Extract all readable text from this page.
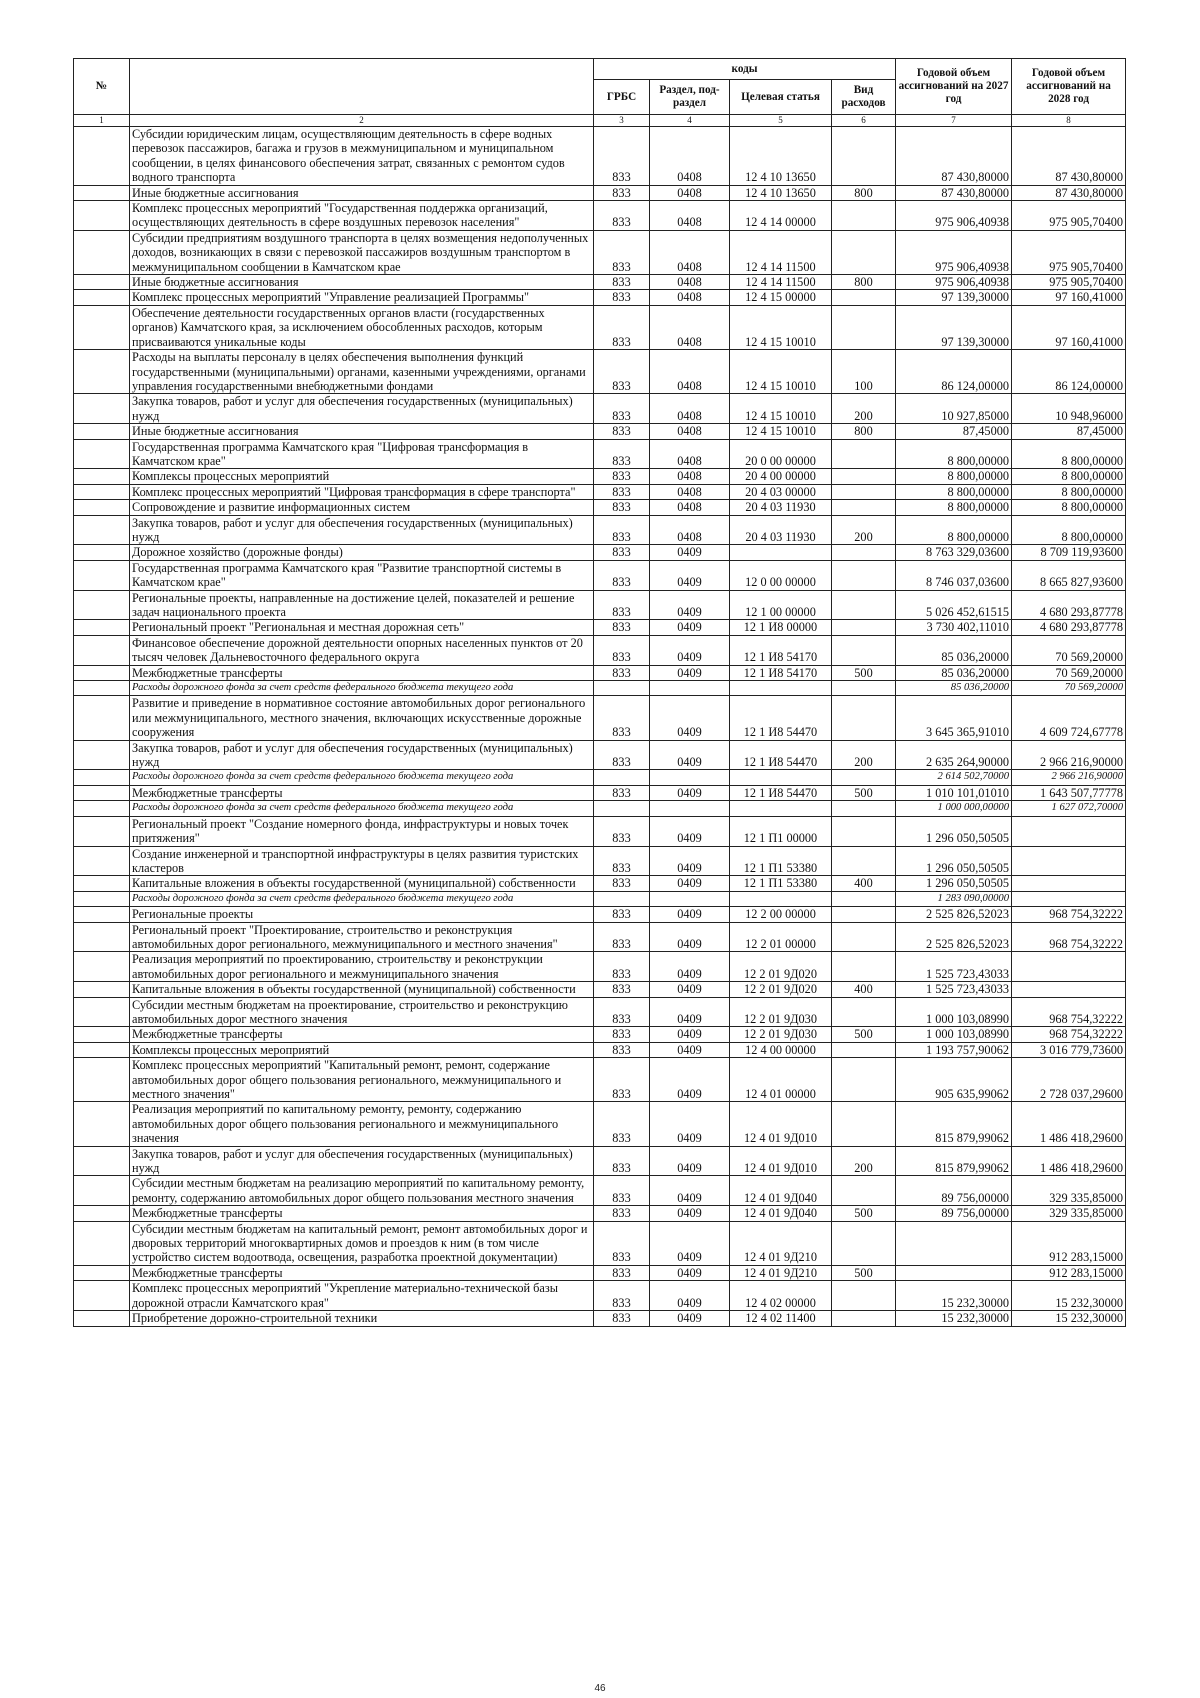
№		коды				Годовой объем ассигнований на 2027 год	Годовой объем ассигнований на 2028 год
		ГРБС	Раздел, под-раздел	Целевая статья	Вид расходов		
1	2	3	4	5	6	7	8
	Субсидии юридическим лицам, осуществляющим деятельность в сфере водных перевозок пассажиров, багажа и грузов в межмуниципальном и муниципальном сообщении, в целях финансового обеспечения затрат, связанных с ремонтом судов водного транспорта	833	0408	12 4 10 13650		87 430,80000	87 430,80000
	Иные бюджетные ассигнования	833	0408	12 4 10 13650	800	87 430,80000	87 430,80000
	Комплекс процессных мероприятий "Государственная поддержка организаций, осуществляющих деятельность в сфере воздушных перевозок населения"	833	0408	12 4 14 00000		975 906,40938	975 905,70400
	Субсидии предприятиям воздушного транспорта в целях возмещения недополученных доходов, возникающих в связи с перевозкой пассажиров воздушным транспортом в межмуниципальном сообщении в Камчатском крае	833	0408	12 4 14 11500		975 906,40938	975 905,70400
	Иные бюджетные ассигнования	833	0408	12 4 14 11500	800	975 906,40938	975 905,70400
	Комплекс процессных мероприятий "Управление реализацией Программы"	833	0408	12 4 15 00000		97 139,30000	97 160,41000
	Обеспечение деятельности государственных органов власти (государственных органов) Камчатского края, за исключением обособленных расходов, которым присваиваются уникальные коды	833	0408	12 4 15 10010		97 139,30000	97 160,41000
	Расходы на выплаты персоналу в целях обеспечения выполнения функций государственными (муниципальными) органами, казенными учреждениями, органами управления государственными внебюджетными фондами	833	0408	12 4 15 10010	100	86 124,00000	86 124,00000
	Закупка товаров, работ и услуг для обеспечения государственных (муниципальных) нужд	833	0408	12 4 15 10010	200	10 927,85000	10 948,96000
	Иные бюджетные ассигнования	833	0408	12 4 15 10010	800	87,45000	87,45000
	Государственная программа Камчатского края "Цифровая трансформация в Камчатском крае"	833	0408	20 0 00 00000		8 800,00000	8 800,00000
	Комплексы процессных мероприятий	833	0408	20 4 00 00000		8 800,00000	8 800,00000
	Комплекс процессных мероприятий "Цифровая трансформация в сфере транспорта"	833	0408	20 4 03 00000		8 800,00000	8 800,00000
	Сопровождение и развитие информационных систем	833	0408	20 4 03 11930		8 800,00000	8 800,00000
	Закупка товаров, работ и услуг для обеспечения государственных (муниципальных) нужд	833	0408	20 4 03 11930	200	8 800,00000	8 800,00000
	Дорожное хозяйство (дорожные фонды)	833	0409			8 763 329,03600	8 709 119,93600
	Государственная программа Камчатского края "Развитие транспортной системы в Камчатском крае"	833	0409	12 0 00 00000		8 746 037,03600	8 665 827,93600
	Региональные проекты, направленные на достижение целей, показателей и решение задач национального проекта	833	0409	12 1 00 00000		5 026 452,61515	4 680 293,87778
	Региональный проект "Региональная и местная дорожная сеть"	833	0409	12 1 И8 00000		3 730 402,11010	4 680 293,87778
	Финансовое обеспечение дорожной деятельности опорных населенных пунктов от 20 тысяч человек Дальневосточного федерального округа	833	0409	12 1 И8 54170		85 036,20000	70 569,20000
	Межбюджетные трансферты	833	0409	12 1 И8 54170	500	85 036,20000	70 569,20000
	Расходы дорожного фонда за счет средств федерального бюджета текущего года					85 036,20000	70 569,20000
	Развитие и приведение в нормативное состояние автомобильных дорог регионального или межмуниципального, местного значения, включающих искусственные дорожные сооружения	833	0409	12 1 И8 54470		3 645 365,91010	4 609 724,67778
	Закупка товаров, работ и услуг для обеспечения государственных (муниципальных) нужд	833	0409	12 1 И8 54470	200	2 635 264,90000	2 966 216,90000
	Расходы дорожного фонда за счет средств федерального бюджета текущего года					2 614 502,70000	2 966 216,90000
	Межбюджетные трансферты	833	0409	12 1 И8 54470	500	1 010 101,01010	1 643 507,77778
	Расходы дорожного фонда за счет средств федерального бюджета текущего года					1 000 000,00000	1 627 072,70000
	Региональный проект "Создание номерного фонда, инфраструктуры и новых точек притяжения"	833	0409	12 1 П1 00000		1 296 050,50505	
	Создание инженерной и транспортной инфраструктуры в целях развития туристских кластеров	833	0409	12 1 П1 53380		1 296 050,50505	
	Капитальные вложения в объекты государственной (муниципальной) собственности	833	0409	12 1 П1 53380	400	1 296 050,50505	
	Расходы дорожного фонда за счет средств федерального бюджета текущего года					1 283 090,00000	
	Региональные проекты	833	0409	12 2 00 00000		2 525 826,52023	968 754,32222
	Региональный проект "Проектирование, строительство и реконструкция автомобильных дорог регионального, межмуниципального и местного значения"	833	0409	12 2 01 00000		2 525 826,52023	968 754,32222
	Реализация мероприятий по проектированию, строительству и реконструкции автомобильных дорог регионального и межмуниципального значения	833	0409	12 2 01 9Д020		1 525 723,43033	
	Капитальные вложения в объекты государственной (муниципальной) собственности	833	0409	12 2 01 9Д020	400	1 525 723,43033	
	Субсидии местным бюджетам на проектирование, строительство и реконструкцию автомобильных дорог местного значения	833	0409	12 2 01 9Д030		1 000 103,08990	968 754,32222
	Межбюджетные трансферты	833	0409	12 2 01 9Д030	500	1 000 103,08990	968 754,32222
	Комплексы процессных мероприятий	833	0409	12 4 00 00000		1 193 757,90062	3 016 779,73600
	Комплекс процессных мероприятий "Капитальный ремонт, ремонт, содержание автомобильных дорог общего пользования регионального, межмуниципального и местного значения"	833	0409	12 4 01 00000		905 635,99062	2 728 037,29600
	Реализация мероприятий по капитальному ремонту, ремонту, содержанию автомобильных дорог общего пользования регионального и межмуниципального значения	833	0409	12 4 01 9Д010		815 879,99062	1 486 418,29600
	Закупка товаров, работ и услуг для обеспечения государственных (муниципальных) нужд	833	0409	12 4 01 9Д010	200	815 879,99062	1 486 418,29600
	Субсидии местным бюджетам на реализацию мероприятий по капитальному ремонту, ремонту, содержанию автомобильных дорог общего пользования местного значения	833	0409	12 4 01 9Д040		89 756,00000	329 335,85000
	Межбюджетные трансферты	833	0409	12 4 01 9Д040	500	89 756,00000	329 335,85000
	Субсидии местным бюджетам на капитальный ремонт, ремонт автомобильных дорог и дворовых территорий многоквартирных домов и проездов к ним (в том числе устройство систем водоотвода, освещения, разработка проектной документации)	833	0409	12 4 01 9Д210			912 283,15000
	Межбюджетные трансферты	833	0409	12 4 01 9Д210	500		912 283,15000
	Комплекс процессных мероприятий "Укрепление материально-технической базы дорожной отрасли Камчатского края"	833	0409	12 4 02 00000		15 232,30000	15 232,30000
	Приобретение дорожно-строительной техники	833	0409	12 4 02 11400		15 232,30000	15 232,30000
46
